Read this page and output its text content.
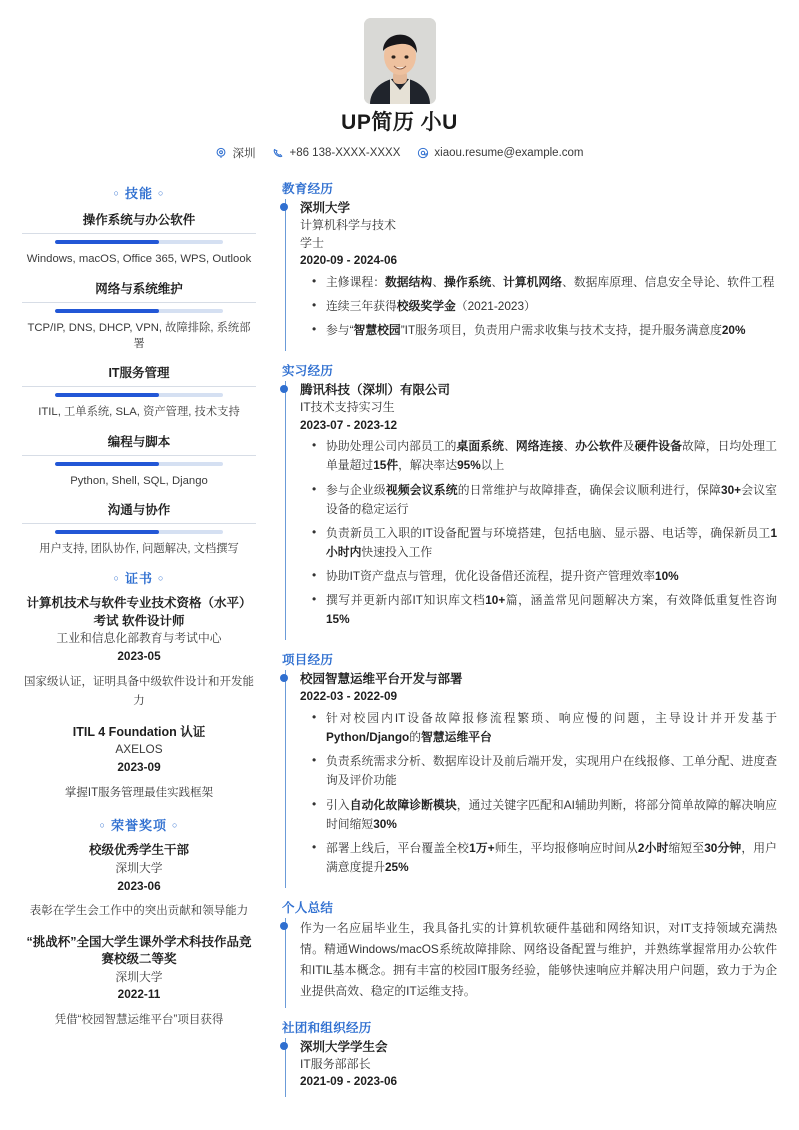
UP简历 小U
深圳	+86 138-XXXX-XXXX	xiaou.resume@example.com
○ 技能 ○
操作系统与办公软件
Windows, macOS, Office 365, WPS, Outlook
网络与系统维护
TCP/IP, DNS, DHCP, VPN, 故障排除, 系统部署
IT服务管理
ITIL, 工单系统, SLA, 资产管理, 技术支持
编程与脚本
Python, Shell, SQL, Django
沟通与协作
用户支持, 团队协作, 问题解决, 文档撰写
○ 证书 ○
计算机技术与软件专业技术资格（水平）考试 软件设计师
工业和信息化部教育与考试中心
2023-05
国家级认证，证明具备中级软件设计和开发能力
ITIL 4 Foundation 认证
AXELOS
2023-09
掌握IT服务管理最佳实践框架
○ 荣誉奖项 ○
校级优秀学生干部
深圳大学
2023-06
表彰在学生会工作中的突出贡献和领导能力
“挑战杯”全国大学生课外学术科技作品竞赛校级二等奖
深圳大学
2022-11
凭借“校园智慧运维平台”项目获得
教育经历
深圳大学
计算机科学与技术
学士
2020-09 - 2024-06
• 主修课程：数据结构、操作系统、计算机网络、数据库原理、信息安全导论、软件工程
• 连续三年获得校级奖学金（2021-2023）
• 参与“智慧校园”IT服务项目，负责用户需求收集与技术支持，提升服务满意度20%
实习经历
腾讯科技（深圳）有限公司
IT技术支持实习生
2023-07 - 2023-12
• 协助处理公司内部员工的桌面系统、网络连接、办公软件及硬件设备故障，日均处理工单量超过15件，解决率达95%以上
• 参与企业级视频会议系统的日常维护与故障排查，确保会议顺利进行，保障30+会议室设备的稳定运行
• 负责新员工入职的IT设备配置与环境搭建，包括电脑、显示器、电话等，确保新员工1小时内快速投入工作
• 协助IT资产盘点与管理，优化设备借还流程，提升资产管理效率10%
• 撰写并更新内部IT知识库文档10+篇，涵盖常见问题解决方案，有效降低重复性咨询15%
项目经历
校园智慧运维平台开发与部署
2022-03 - 2022-09
• 针对校园内IT设备故障报修流程繁琐、响应慢的问题，主导设计并开发基于Python/Django的智慧运维平台
• 负责系统需求分析、数据库设计及前后端开发，实现用户在线报修、工单分配、进度查询及评价功能
• 引入自动化故障诊断模块，通过关键字匹配和AI辅助判断，将部分简单故障的解决响应时间缩短30%
• 部署上线后，平台覆盖全校1万+师生，平均报修响应时间从2小时缩短至30分钟，用户满意度提升25%
个人总结
作为一名应届毕业生，我具备扎实的计算机软硬件基础和网络知识，对IT支持领域充满热情。精通Windows/macOS系统故障排除、网络设备配置与维护，并熟练掌握常用办公软件和ITIL基本概念。拥有丰富的校园IT服务经验，能够快速响应并解决用户问题，致力于为企业提供高效、稳定的IT运维支持。
社团和组织经历
深圳大学学生会
IT服务部部长
2021-09 - 2023-06
